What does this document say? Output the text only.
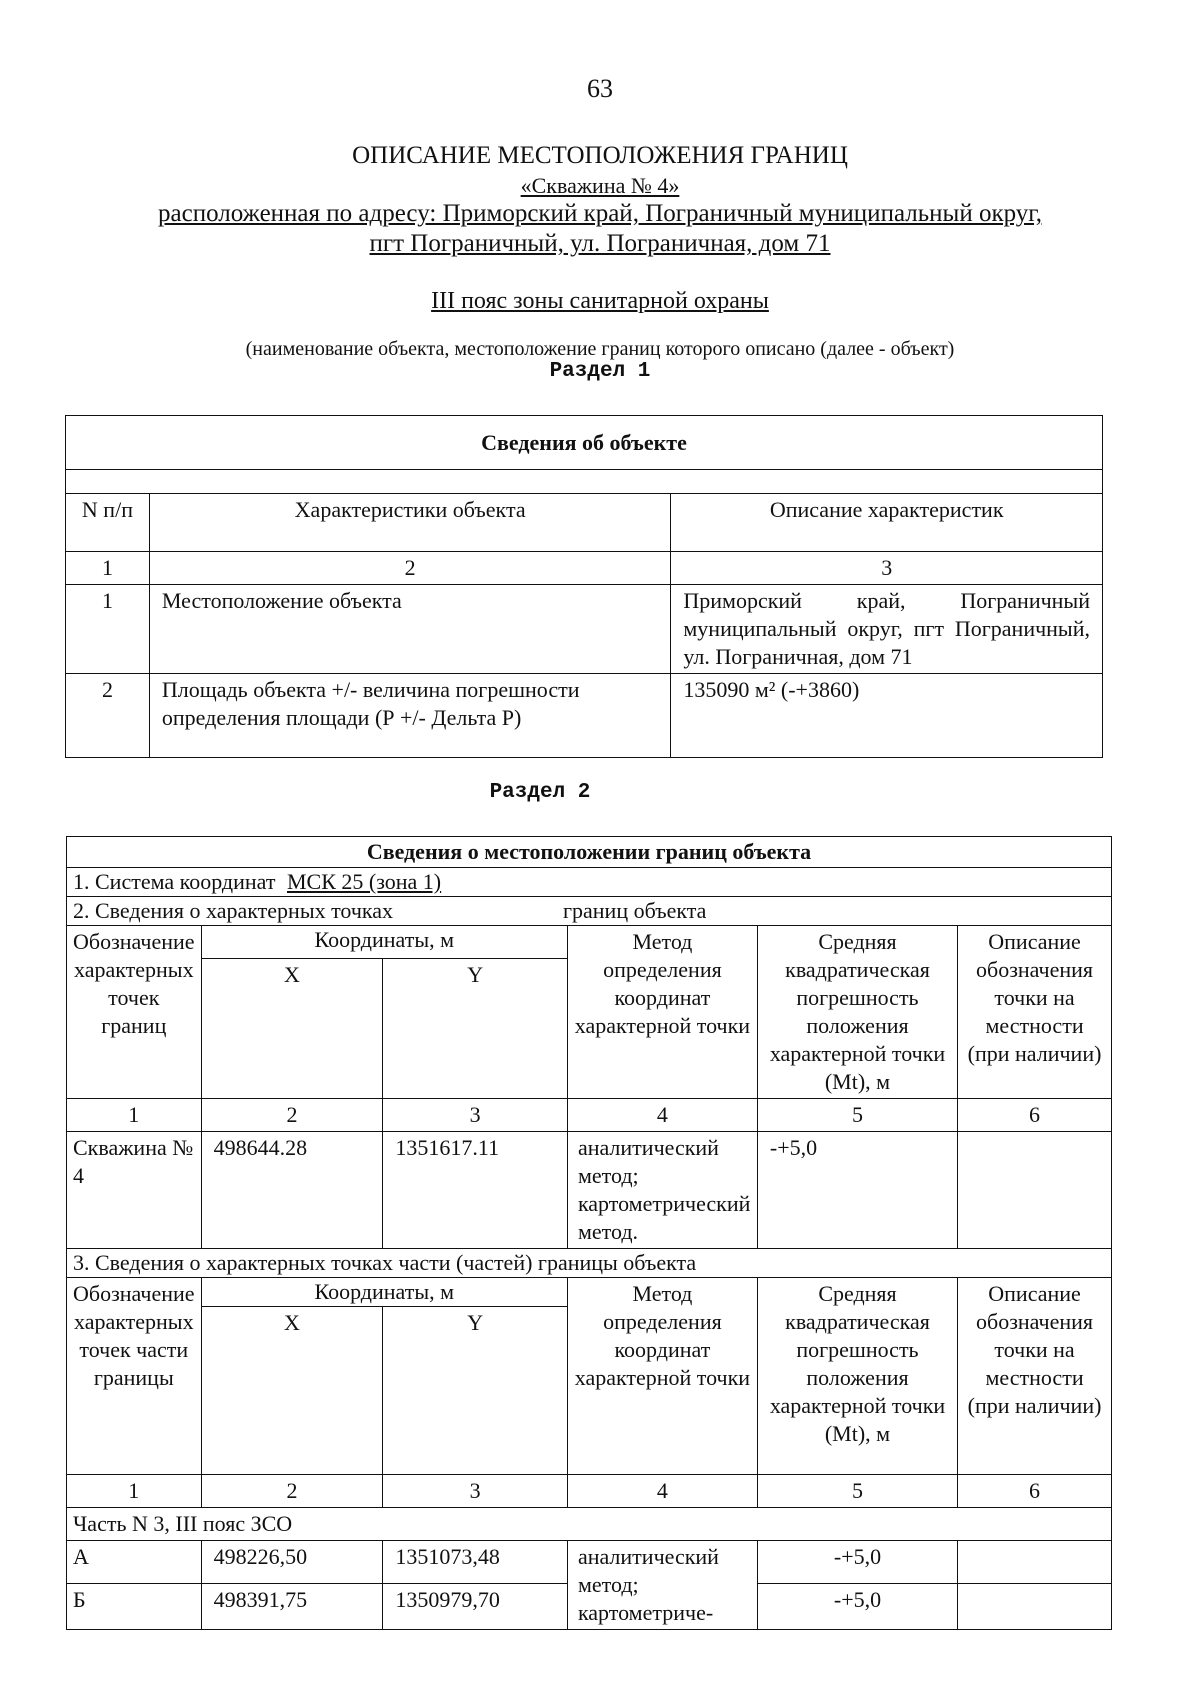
63
ОПИСАНИЕ МЕСТОПОЛОЖЕНИЯ ГРАНИЦ
«Скважина № 4»
расположенная по адресу: Приморский край, Пограничный муниципальный округ,
пгт Пограничный, ул. Пограничная, дом 71
III пояс зоны санитарной охраны
(наименование объекта, местоположение границ которого описано (далее - объект)
Раздел 1
Сведения об объекте		

N п/п	Характеристики объекта	Описание характеристик
1	2	3
1	Местоположение объекта	Приморский край, Пограничный муниципальный округ, пгт Пограничный, ул. Пограничная, дом 71
2	Площадь объекта +/- величина погрешности определения площади (Р +/- Дельта Р)	135090 м² (-+3860)
Раздел 2
Сведения о местоположении границ объекта					
1. Система координат МСК 25 (зона 1)					
2. Сведения о характерных точках границ объекта					
Обозначение характерных точек границ	Координаты, м		Метод определения координат характерной точки	Средняя квадратическая погрешность положения характерной точки (Mt), м	Описание обозначения точки на местности (при наличии)
	X	Y			
1	2	3	4	5	6
Скважина № 4	498644.28	1351617.11	аналитический метод; картометрический метод.	-+5,0	
3. Сведения о характерных точках части (частей) границы объекта					
Обозначение характерных точек части границы	Координаты, м		Метод определения координат характерной точки	Средняя квадратическая погрешность положения характерной точки (Mt), м	Описание обозначения точки на местности (при наличии)
	X	Y			
1	2	3	4	5	6
Часть N 3, III пояс ЗСО					
А	498226,50	1351073,48	аналитический метод; картометриче-	-+5,0	
Б	498391,75	1350979,70		-+5,0	
